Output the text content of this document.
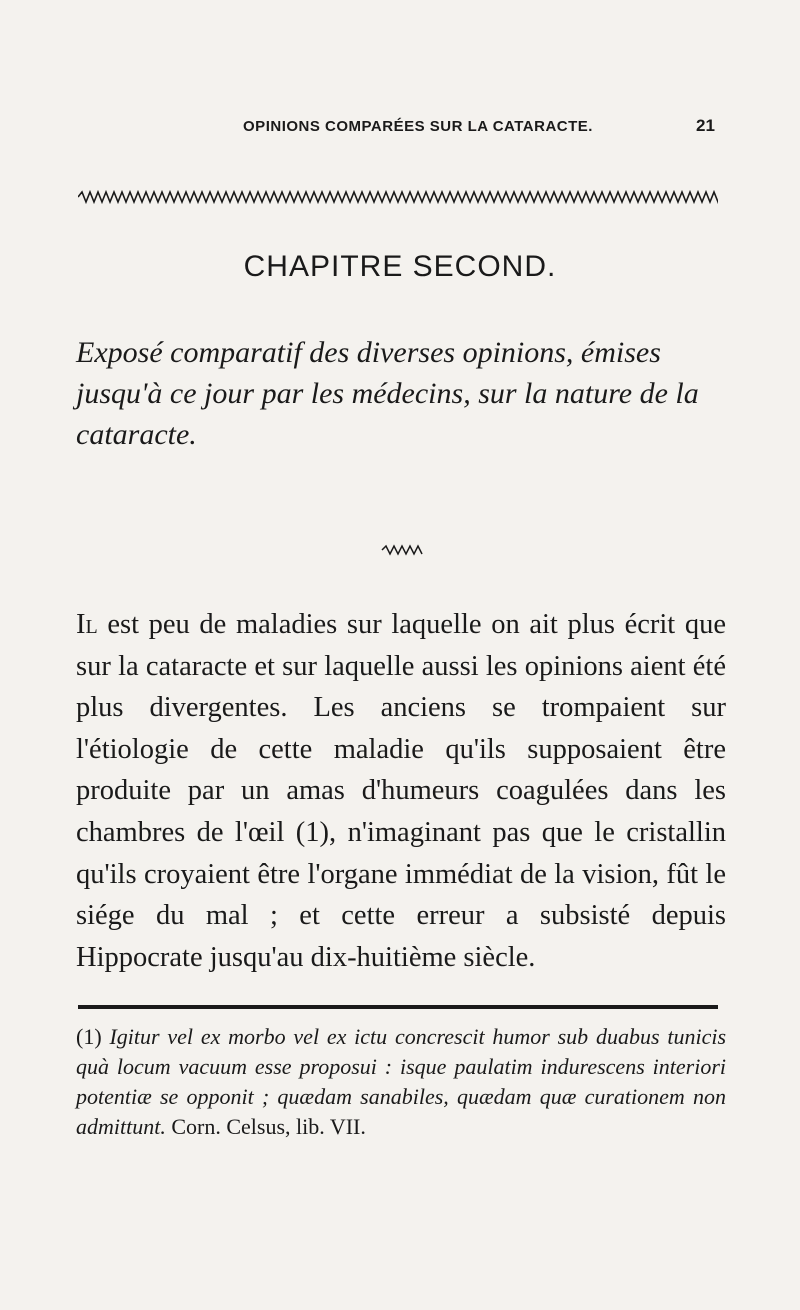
OPINIONS COMPARÉES SUR LA CATARACTE.	21
CHAPITRE SECOND.
Exposé comparatif des diverses opinions, émises jusqu'à ce jour par les médecins, sur la nature de la cataracte.
Il est peu de maladies sur laquelle on ait plus écrit que sur la cataracte et sur laquelle aussi les opinions aient été plus divergentes. Les anciens se trompaient sur l'étiologie de cette maladie qu'ils supposaient être produite par un amas d'humeurs coagulées dans les chambres de l'œil (1), n'imaginant pas que le cristallin qu'ils croyaient être l'organe immédiat de la vision, fût le siége du mal ; et cette erreur a subsisté depuis Hippocrate jusqu'au dix-huitième siècle.
(1) Igitur vel ex morbo vel ex ictu concrescit humor sub duabus tunicis quà locum vacuum esse proposui : isque paulatim indurescens interiori potentiæ se opponit ; quædam sanabiles, quædam quæ curationem non admittunt. Corn. Celsus, lib. VII.
